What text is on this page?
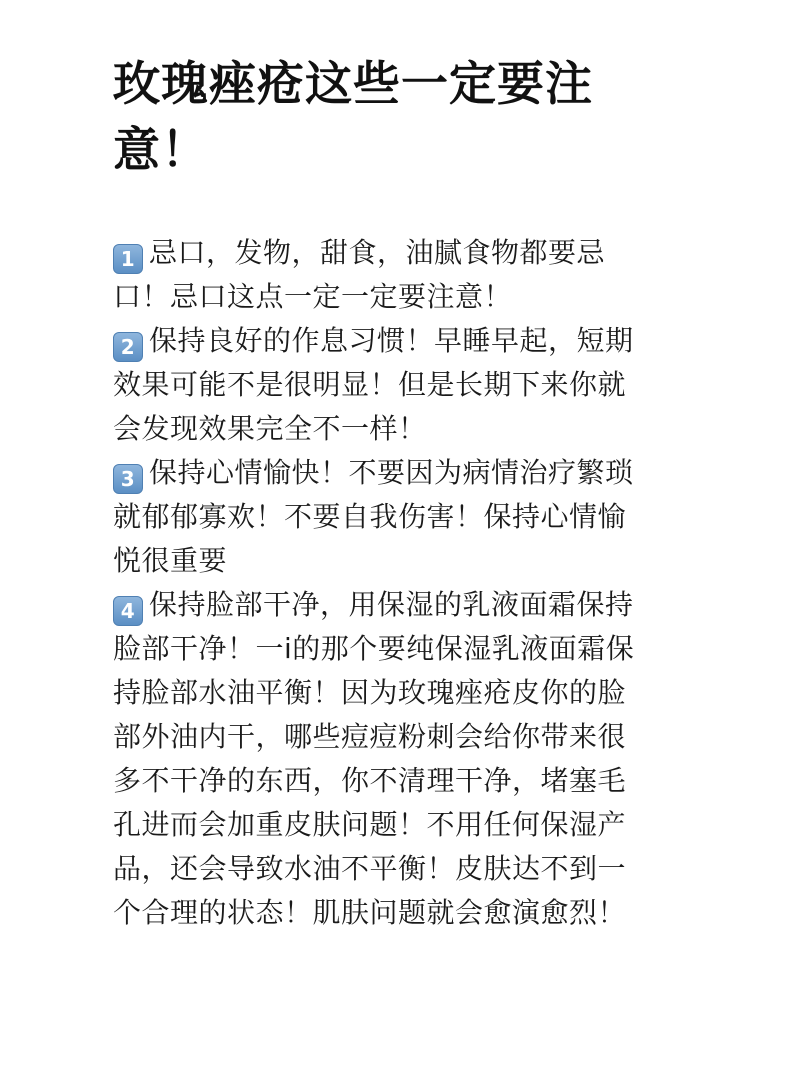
玫瑰痤疮这些一定要注
意！
1 忌口，发物，甜食，油腻食物都要忌
口！忌口这点一定一定要注意！
2 保持良好的作息习惯！早睡早起，短期
效果可能不是很明显！但是长期下来你就
会发现效果完全不一样！
3 保持心情愉快！不要因为病情治疗繁琐
就郁郁寡欢！不要自我伤害！保持心情愉
悦很重要
4 保持脸部干净，用保湿的乳液面霜保持
脸部干净！一i的那个要纯保湿乳液面霜保
持脸部水油平衡！因为玫瑰痤疮皮你的脸
部外油内干，哪些痘痘粉刺会给你带来很
多不干净的东西，你不清理干净，堵塞毛
孔进而会加重皮肤问题！不用任何保湿产
品，还会导致水油不平衡！皮肤达不到一
个合理的状态！肌肤问题就会愈演愈烈！
